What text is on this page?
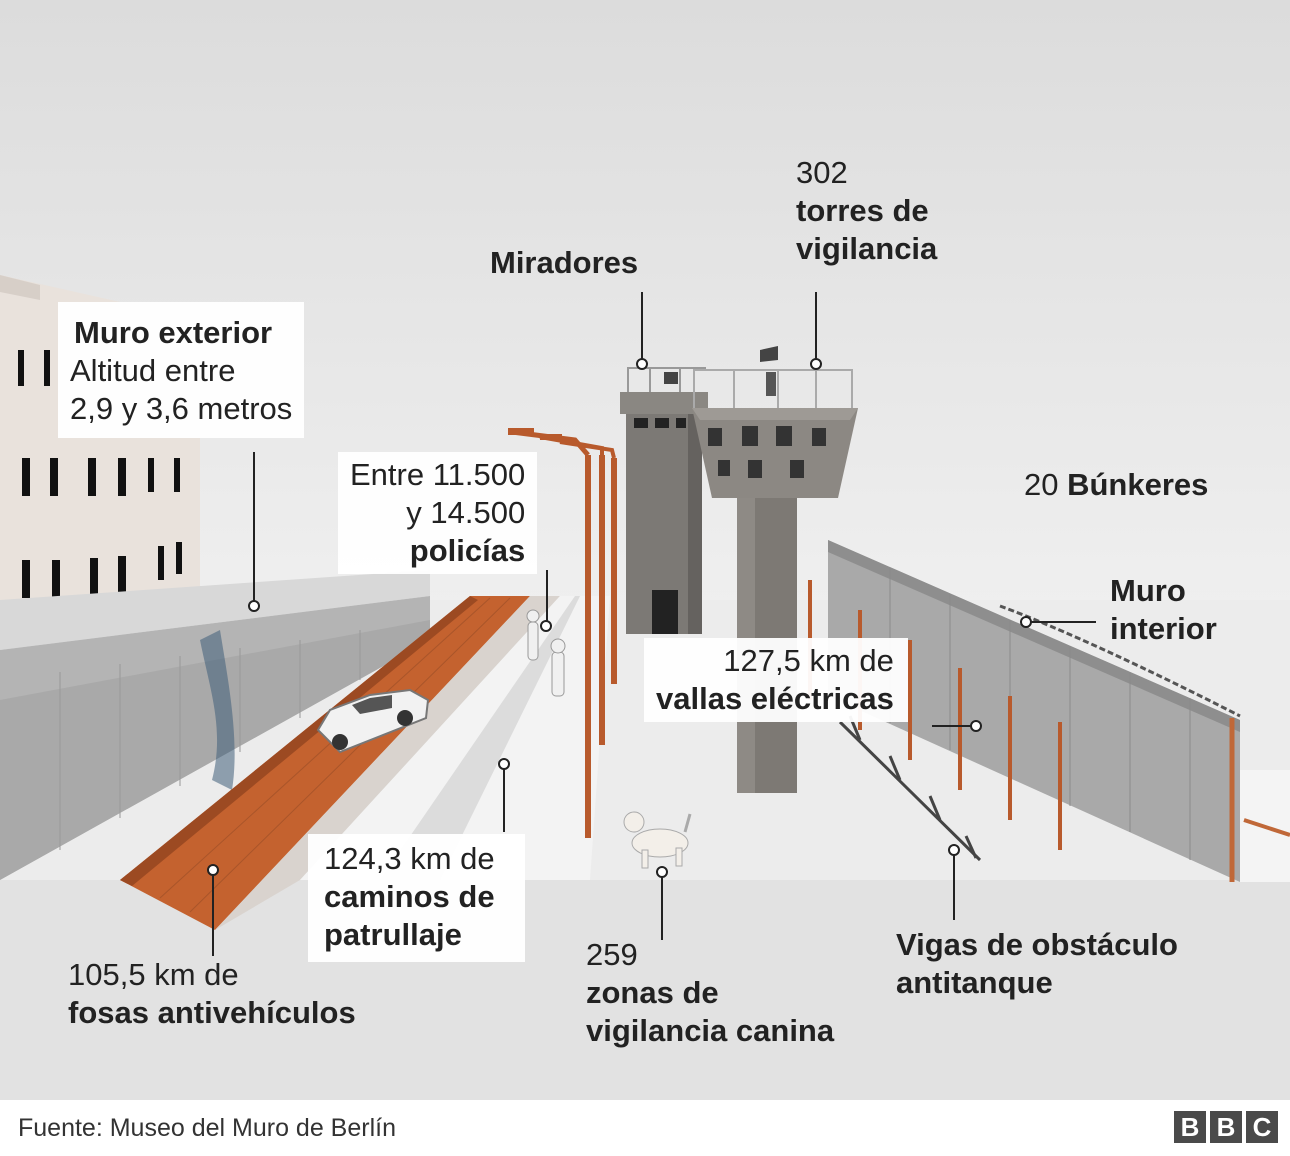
Muro exterior
Altitud entre
2,9 y 3,6 metros
Entre 11.500
y 14.500
policías
Miradores
302
torres de
vigilancia
20 Búnkeres
Muro
interior
127,5 km de
vallas eléctricas
124,3 km de
caminos de
patrullaje
105,5 km de
fosas antivehículos
259
zonas de
vigilancia canina
Vigas de obstáculo
antitanque
Fuente: Museo del Muro de Berlín	B B C
